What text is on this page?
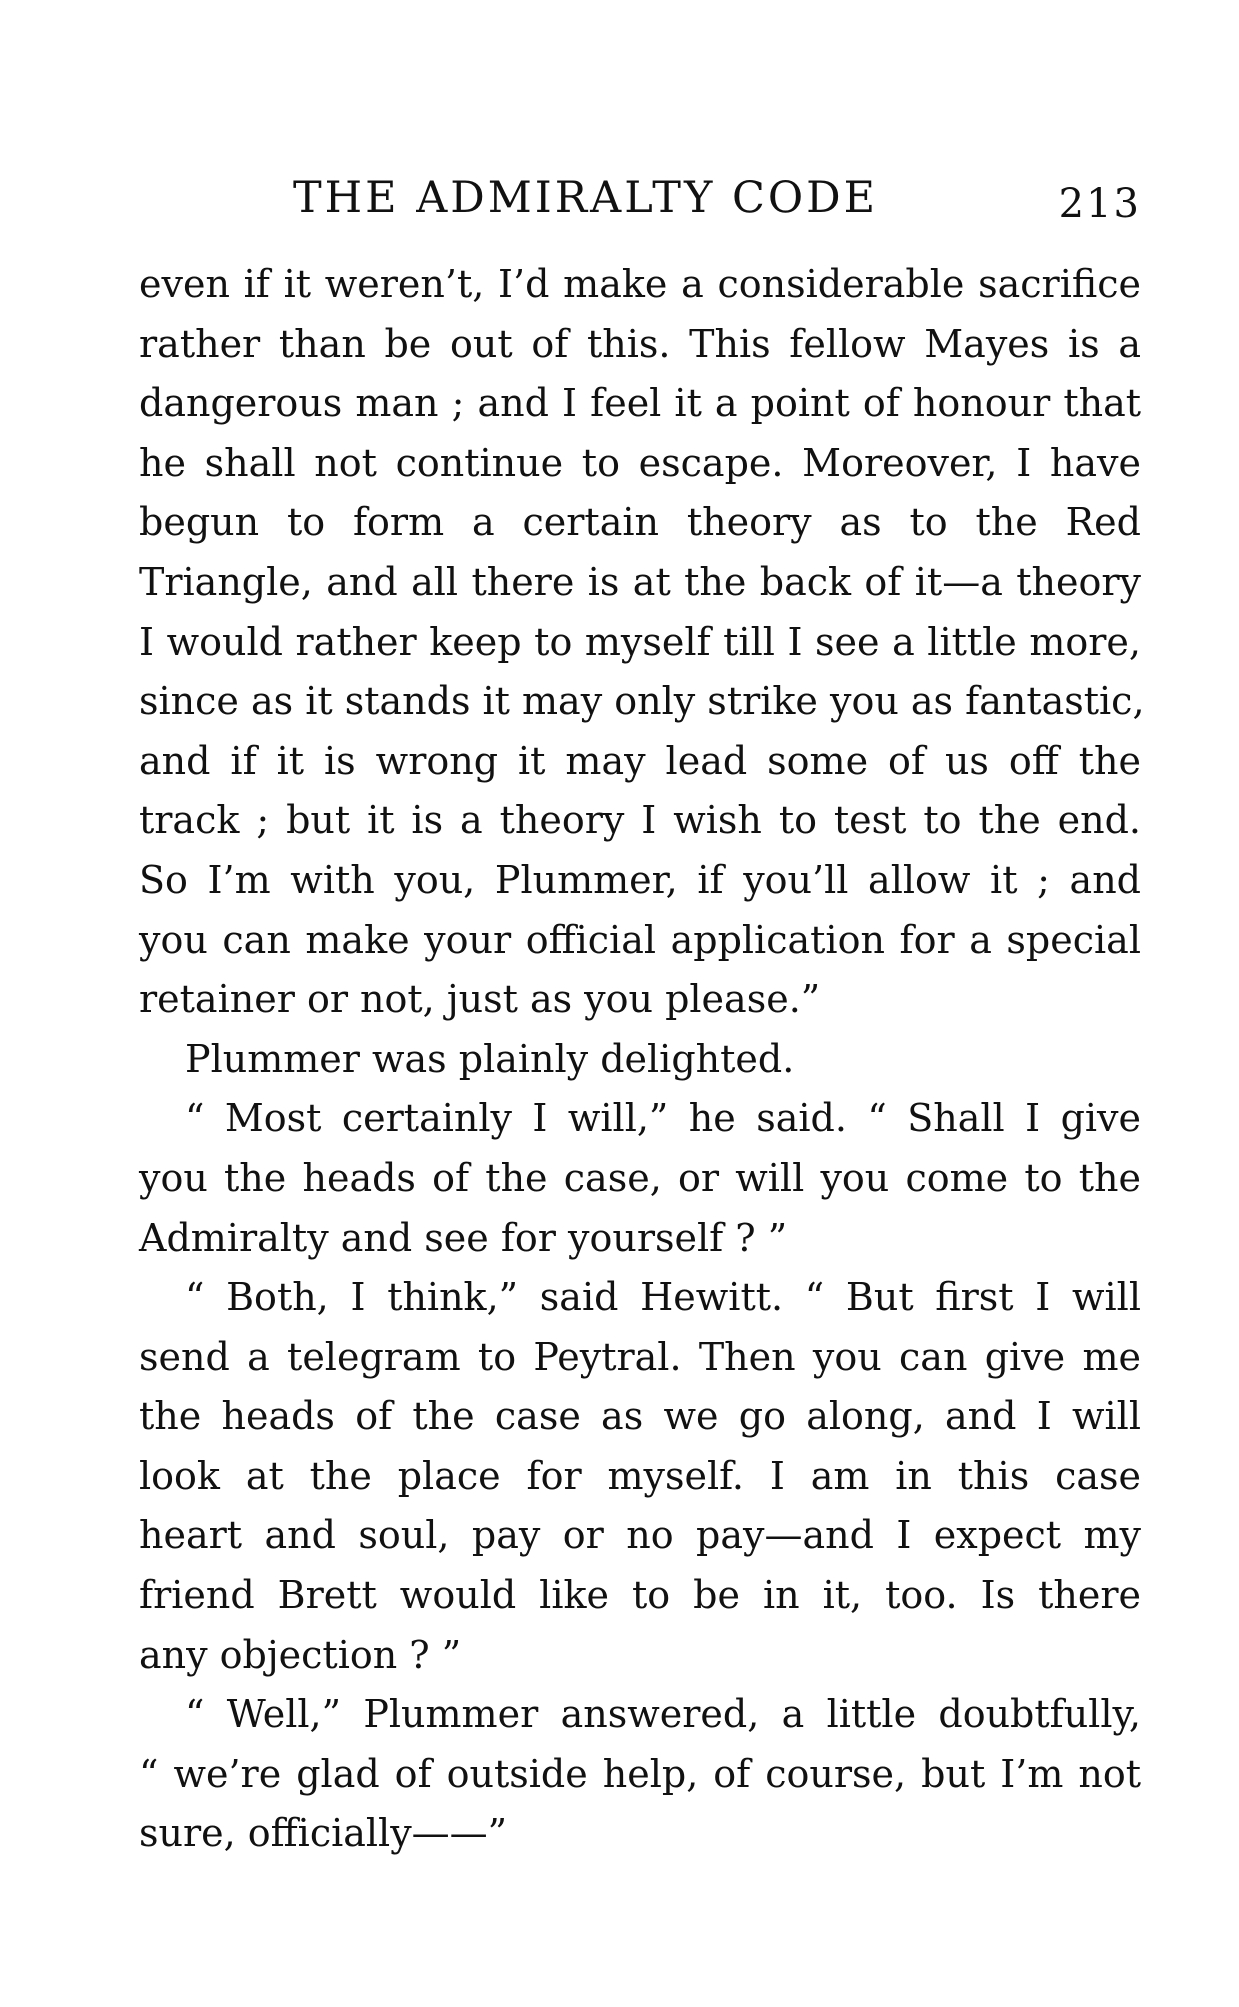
THE ADMIRALTY CODE	213
even if it weren’t, I’d make a considerable sacrifice
rather than be out of this. This fellow Mayes is a
dangerous man ; and I feel it a point of honour that
he shall not continue to escape. Moreover, I have
begun to form a certain theory as to the Red
Triangle, and all there is at the back of it—a theory
I would rather keep to myself till I see a little more,
since as it stands it may only strike you as fantastic,
and if it is wrong it may lead some of us off the
track ; but it is a theory I wish to test to the end.
So I’m with you, Plummer, if you’ll allow it ; and
you can make your official application for a special
retainer or not, just as you please.”
Plummer was plainly delighted.
“ Most certainly I will,” he said. “ Shall I give
you the heads of the case, or will you come to the
Admiralty and see for yourself ? ”
“ Both, I think,” said Hewitt. “ But first I will
send a telegram to Peytral. Then you can give me
the heads of the case as we go along, and I will
look at the place for myself. I am in this case
heart and soul, pay or no pay—and I expect my
friend Brett would like to be in it, too. Is there
any objection ? ”
“ Well,” Plummer answered, a little doubtfully,
“ we’re glad of outside help, of course, but I’m not
sure, officially——”
